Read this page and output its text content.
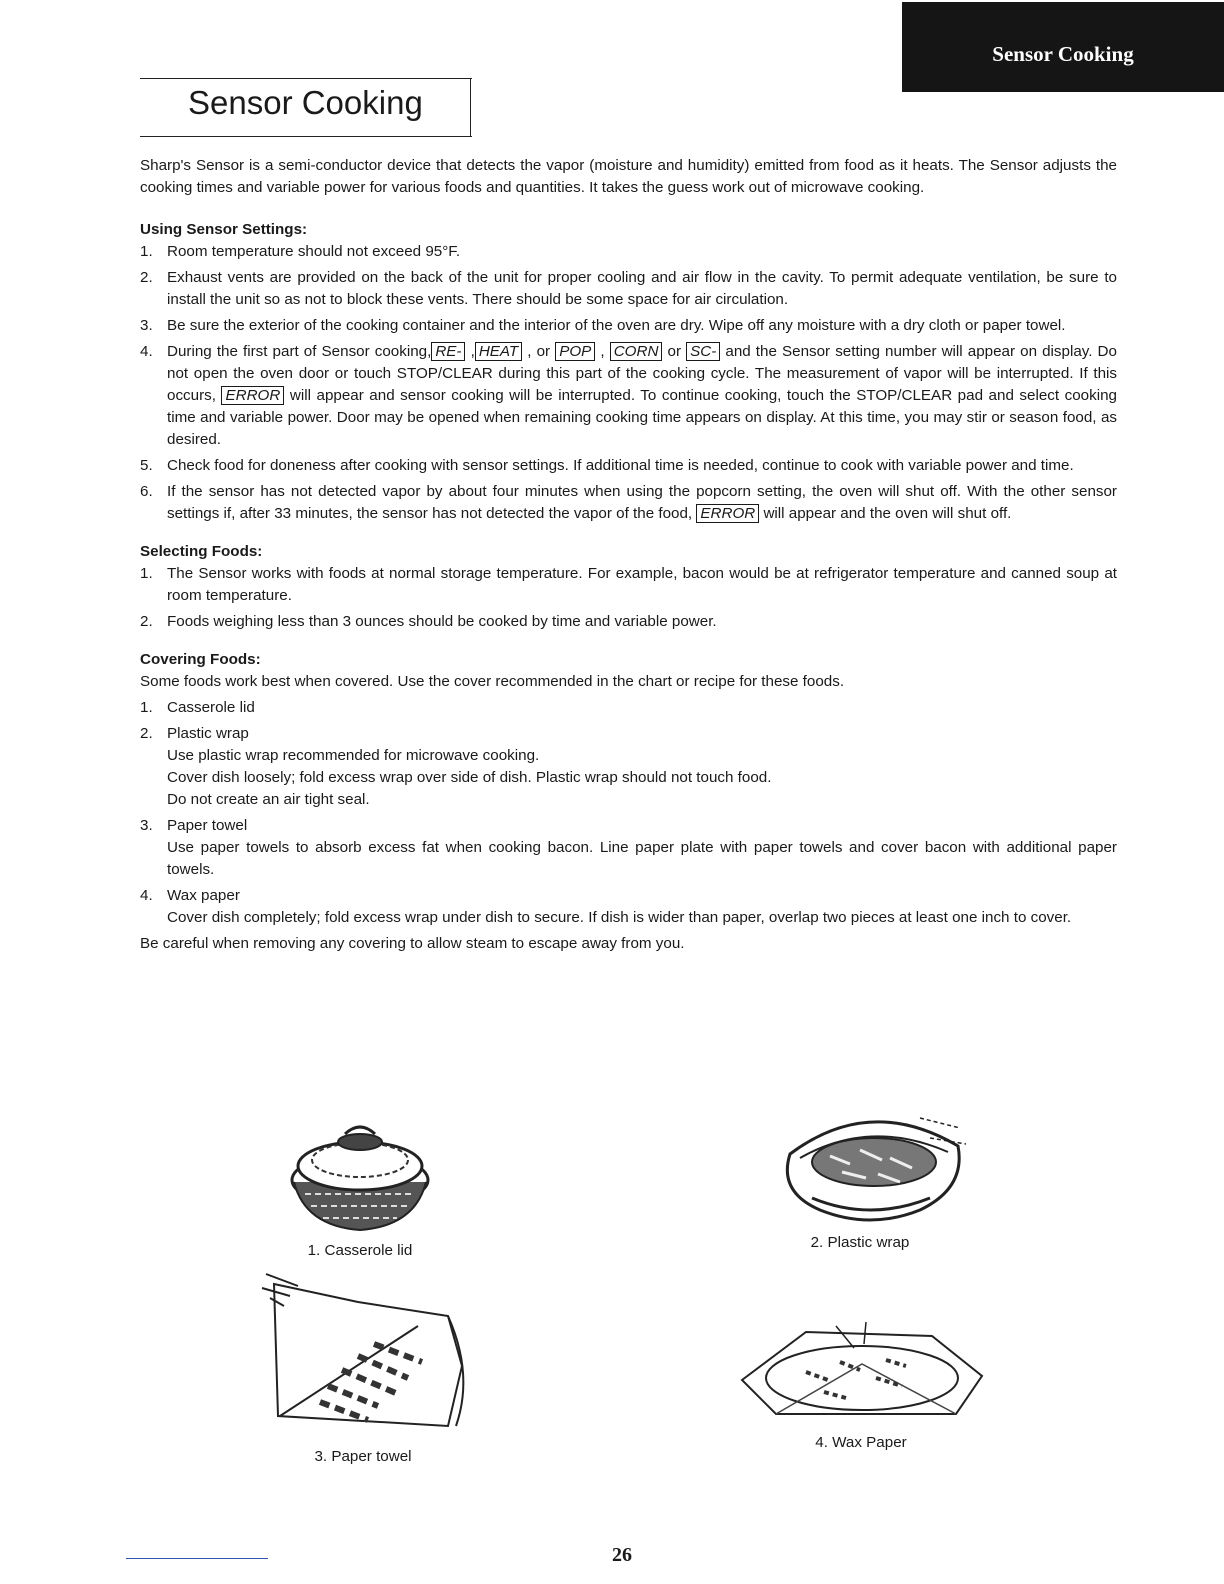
Sensor Cooking
Sensor Cooking

Sharp's Sensor is a semi-conductor device that detects the vapor (moisture and humidity) emitted from food as it heats. The Sensor adjusts the cooking times and variable power for various foods and quantities. It takes the guess work out of microwave cooking.

Using Sensor Settings:
1. Room temperature should not exceed 95°F.
2. Exhaust vents are provided on the back of the unit for proper cooling and air flow in the cavity. To permit adequate ventilation, be sure to install the unit so as not to block these vents. There should be some space for air circulation.
3. Be sure the exterior of the cooking container and the interior of the oven are dry. Wipe off any moisture with a dry cloth or paper towel.
4. During the first part of Sensor cooking, RE- , HEAT , or POP , CORN or SC- and the Sensor setting number will appear on display. Do not open the oven door or touch STOP/CLEAR during this part of the cooking cycle. The measurement of vapor will be interrupted. If this occurs, ERROR will appear and sensor cooking will be interrupted. To continue cooking, touch the STOP/CLEAR pad and select cooking time and variable power. Door may be opened when remaining cooking time appears on display. At this time, you may stir or season food, as desired.
5. Check food for doneness after cooking with sensor settings. If additional time is needed, continue to cook with variable power and time.
6. If the sensor has not detected vapor by about four minutes when using the popcorn setting, the oven will shut off. With the other sensor settings if, after 33 minutes, the sensor has not detected the vapor of the food, ERROR will appear and the oven will shut off.
Selecting Foods:
1. The Sensor works with foods at normal storage temperature. For example, bacon would be at refrigerator temperature and canned soup at room temperature.
2. Foods weighing less than 3 ounces should be cooked by time and variable power.
Covering Foods:

Some foods work best when covered. Use the cover recommended in the chart or recipe for these foods.

1. Casserole lid
2. Plastic wrap
Use plastic wrap recommended for microwave cooking.
Cover dish loosely; fold excess wrap over side of dish. Plastic wrap should not touch food.
Do not create an air tight seal.
3. Paper towel
Use paper towels to absorb excess fat when cooking bacon. Line paper plate with paper towels and cover bacon with additional paper towels.
4. Wax paper
Cover dish completely; fold excess wrap under dish to secure. If dish is wider than paper, overlap two pieces at least one inch to cover.

Be careful when removing any covering to allow steam to escape away from you.

1. Casserole lid	2. Plastic wrap
3. Paper towel
4. Wax Paper
26
